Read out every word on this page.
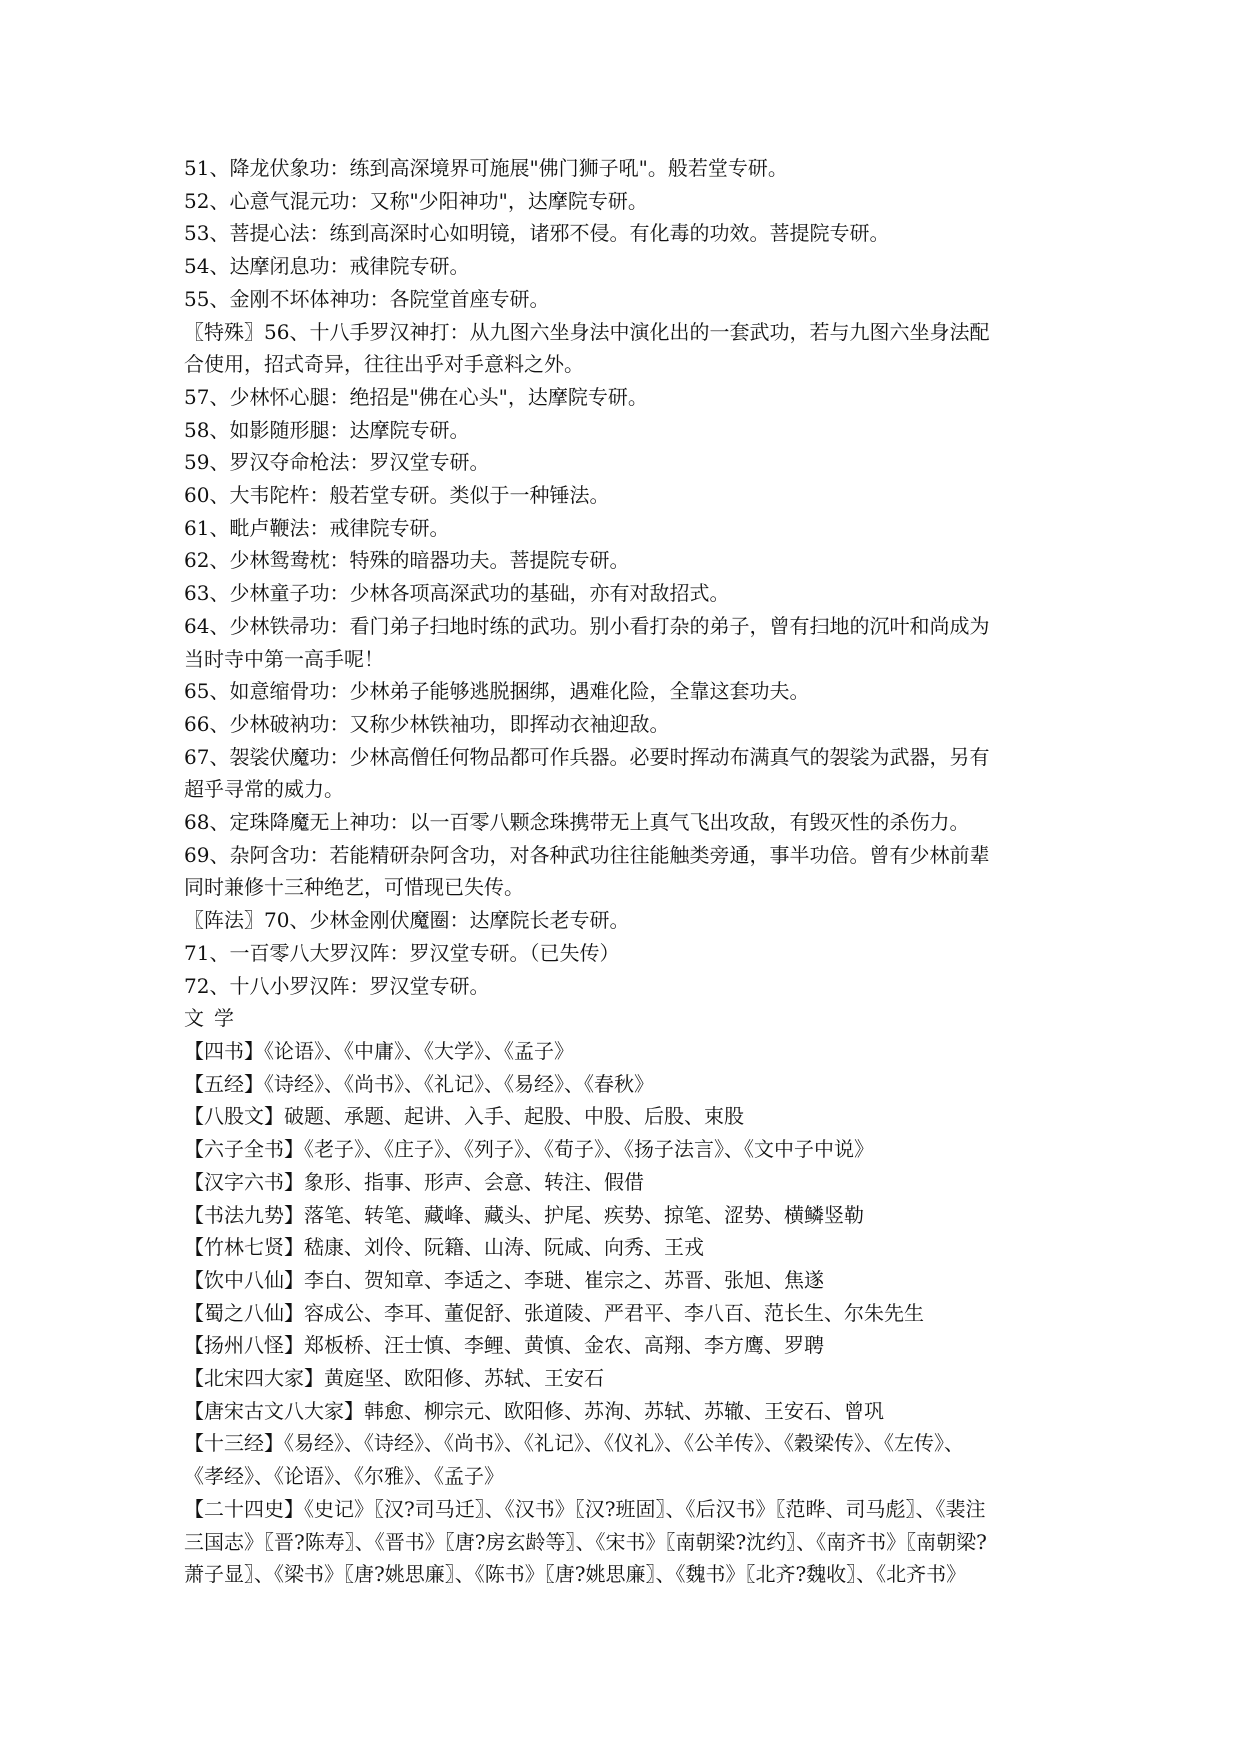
51、降龙伏象功：练到高深境界可施展"佛门狮子吼"。般若堂专研。
52、心意气混元功：又称"少阳神功"，达摩院专研。
53、菩提心法：练到高深时心如明镜，诸邪不侵。有化毒的功效。菩提院专研。
54、达摩闭息功：戒律院专研。
55、金刚不坏体神功：各院堂首座专研。
〖特殊〗56、十八手罗汉神打：从九图六坐身法中演化出的一套武功，若与九图六坐身法配
合使用，招式奇异，往往出乎对手意料之外。
57、少林怀心腿：绝招是"佛在心头"，达摩院专研。
58、如影随形腿：达摩院专研。
59、罗汉夺命枪法：罗汉堂专研。
60、大韦陀杵：般若堂专研。类似于一种锤法。
61、毗卢鞭法：戒律院专研。
62、少林鸳鸯枕：特殊的暗器功夫。菩提院专研。
63、少林童子功：少林各项高深武功的基础，亦有对敌招式。
64、少林铁帚功：看门弟子扫地时练的武功。别小看打杂的弟子，曾有扫地的沉叶和尚成为
当时寺中第一高手呢！
65、如意缩骨功：少林弟子能够逃脱捆绑，遇难化险，全靠这套功夫。
66、少林破衲功：又称少林铁袖功，即挥动衣袖迎敌。
67、袈裟伏魔功：少林高僧任何物品都可作兵器。必要时挥动布满真气的袈裟为武器，另有
超乎寻常的威力。
68、定珠降魔无上神功：以一百零八颗念珠携带无上真气飞出攻敌，有毁灭性的杀伤力。
69、杂阿含功：若能精研杂阿含功，对各种武功往往能触类旁通，事半功倍。曾有少林前辈
同时兼修十三种绝艺，可惜现已失传。
〖阵法〗70、少林金刚伏魔圈：达摩院长老专研。
71、一百零八大罗汉阵：罗汉堂专研。（已失传）
72、十八小罗汉阵：罗汉堂专研。
文学
【四书】《论语》、《中庸》、《大学》、《孟子》
【五经】《诗经》、《尚书》、《礼记》、《易经》、《春秋》
【八股文】破题、承题、起讲、入手、起股、中股、后股、束股
【六子全书】《老子》、《庄子》、《列子》、《荀子》、《扬子法言》、《文中子中说》
【汉字六书】象形、指事、形声、会意、转注、假借
【书法九势】落笔、转笔、藏峰、藏头、护尾、疾势、掠笔、涩势、横鳞竖勒
【竹林七贤】嵇康、刘伶、阮籍、山涛、阮咸、向秀、王戎
【饮中八仙】李白、贺知章、李适之、李琎、崔宗之、苏晋、张旭、焦遂
【蜀之八仙】容成公、李耳、董促舒、张道陵、严君平、李八百、范长生、尔朱先生
【扬州八怪】郑板桥、汪士慎、李鲤、黄慎、金农、高翔、李方鹰、罗聘
【北宋四大家】黄庭坚、欧阳修、苏轼、王安石
【唐宋古文八大家】韩愈、柳宗元、欧阳修、苏洵、苏轼、苏辙、王安石、曾巩
【十三经】《易经》、《诗经》、《尚书》、《礼记》、《仪礼》、《公羊传》、《穀梁传》、《左传》、
《孝经》、《论语》、《尔雅》、《孟子》
【二十四史】《史记》〖汉?司马迁〗、《汉书》〖汉?班固〗、《后汉书》〖范晔、司马彪〗、《裴注
三国志》〖晋?陈寿〗、《晋书》〖唐?房玄龄等〗、《宋书》〖南朝梁?沈约〗、《南齐书》〖南朝梁?
萧子显〗、《梁书》〖唐?姚思廉〗、《陈书》〖唐?姚思廉〗、《魏书》〖北齐?魏收〗、《北齐书》
